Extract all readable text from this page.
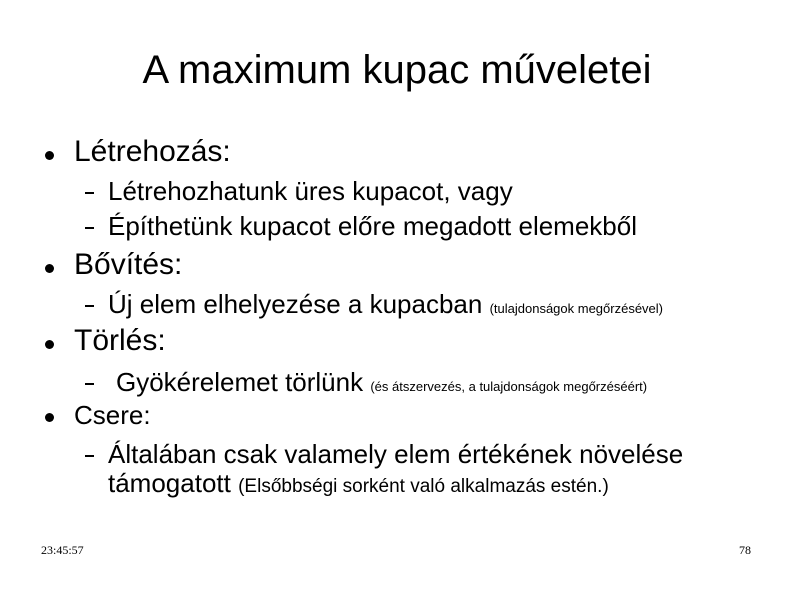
A maximum kupac műveletei
Létrehozás:
Létrehozhatunk üres kupacot, vagy
Építhetünk kupacot előre megadott elemekből
Bővítés:
Új elem elhelyezése a kupacban (tulajdonságok megőrzésével)
Törlés:
Gyökérelemet törlünk (és átszervezés, a tulajdonságok megőrzéséért)
Csere:
Általában csak valamely elem értékének növelése
támogatott (Elsőbbségi sorként való alkalmazás estén.)
23:45:57	78
